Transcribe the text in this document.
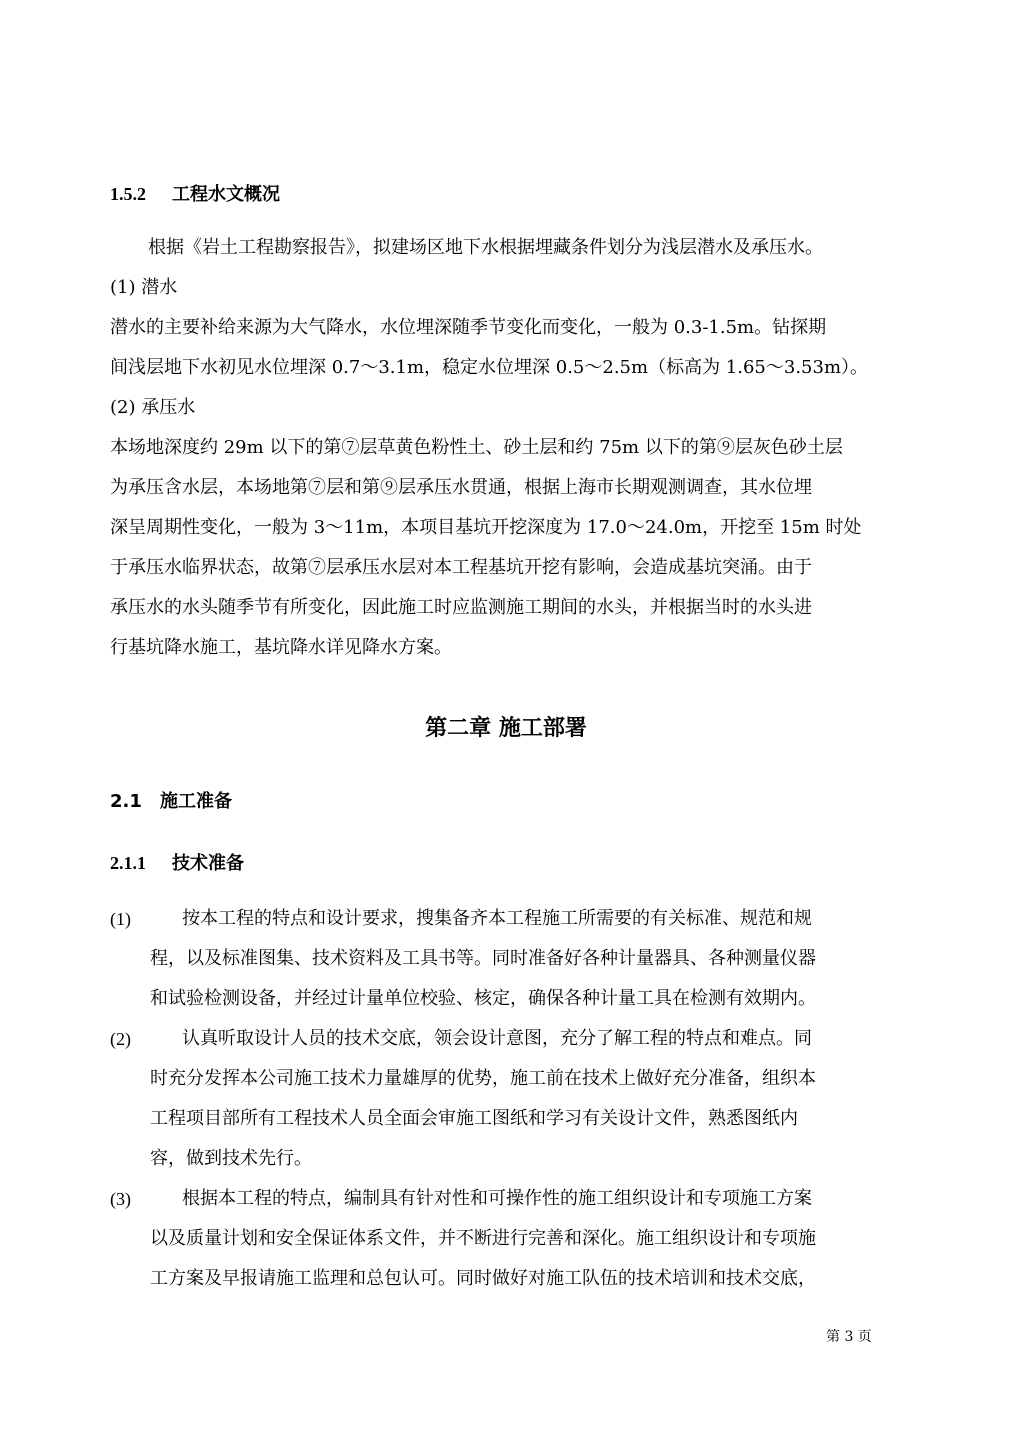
1.5.2 工程水文概况
根据《岩土工程勘察报告》，拟建场区地下水根据埋藏条件划分为浅层潜水及承压水。
(1) 潜水
潜水的主要补给来源为大气降水，水位埋深随季节变化而变化，一般为 0.3-1.5m。钻探期
间浅层地下水初见水位埋深 0.7～3.1m，稳定水位埋深 0.5～2.5m（标高为 1.65～3.53m）。
(2) 承压水
本场地深度约 29m 以下的第⑦层草黄色粉性土、砂土层和约 75m 以下的第⑨层灰色砂土层
为承压含水层，本场地第⑦层和第⑨层承压水贯通，根据上海市长期观测调查，其水位埋
深呈周期性变化，一般为 3～11m，本项目基坑开挖深度为 17.0～24.0m，开挖至 15m 时处
于承压水临界状态，故第⑦层承压水层对本工程基坑开挖有影响，会造成基坑突涌。由于
承压水的水头随季节有所变化，因此施工时应监测施工期间的水头，并根据当时的水头进
行基坑降水施工，基坑降水详见降水方案。
第二章 施工部署
2.1 施工准备
2.1.1 技术准备
(1)	按本工程的特点和设计要求，搜集备齐本工程施工所需要的有关标准、规范和规
程，以及标准图集、技术资料及工具书等。同时准备好各种计量器具、各种测量仪器
和试验检测设备，并经过计量单位校验、核定，确保各种计量工具在检测有效期内。
(2)	认真听取设计人员的技术交底，领会设计意图，充分了解工程的特点和难点。同
时充分发挥本公司施工技术力量雄厚的优势，施工前在技术上做好充分准备，组织本
工程项目部所有工程技术人员全面会审施工图纸和学习有关设计文件，熟悉图纸内
容，做到技术先行。
(3)	根据本工程的特点，编制具有针对性和可操作性的施工组织设计和专项施工方案
以及质量计划和安全保证体系文件，并不断进行完善和深化。施工组织设计和专项施
工方案及早报请施工监理和总包认可。同时做好对施工队伍的技术培训和技术交底，
第 3 页
